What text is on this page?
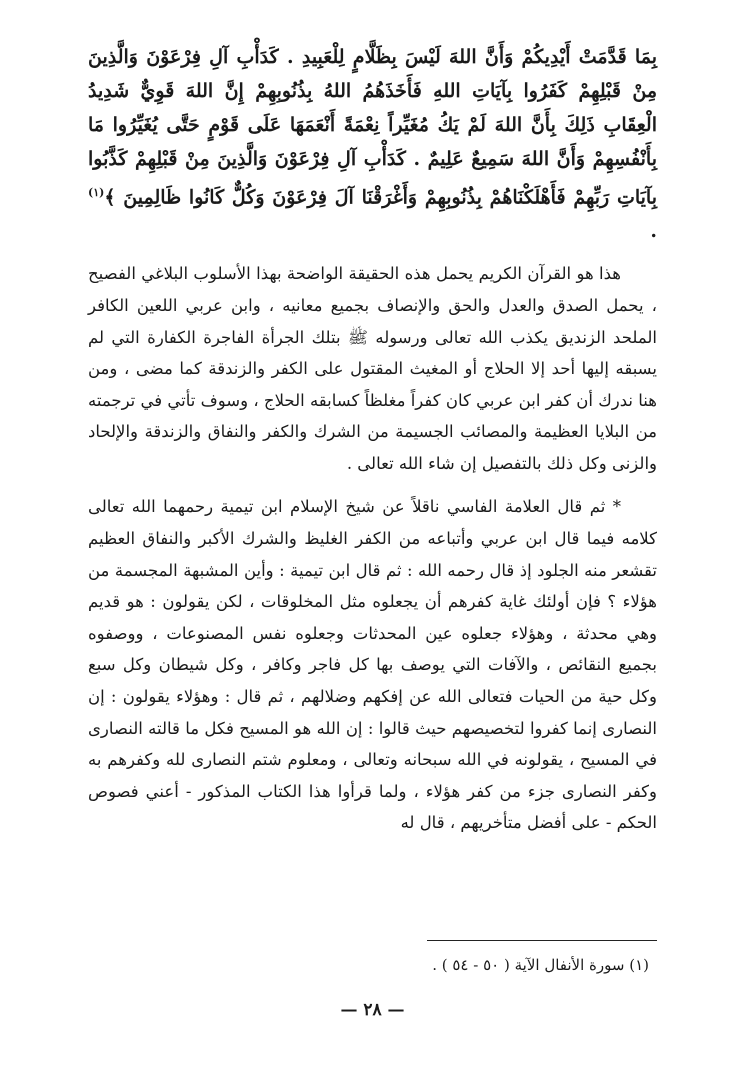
بِمَا قَدَّمَتْ أَيْدِيكُمْ وَأَنَّ اللهَ لَيْسَ بِظَلَّامٍ لِلْعَبِيدِ . كَدَأْبِ آلِ فِرْعَوْنَ وَالَّذِينَ مِنْ قَبْلِهِمْ كَفَرُوا بِآيَاتِ اللهِ فَأَخَذَهُمُ اللهُ بِذُنُوبِهِمْ إِنَّ اللهَ قَوِيٌّ شَدِيدُ الْعِقَابِ ذَلِكَ بِأَنَّ اللهَ لَمْ يَكُ مُغَيِّراً نِعْمَةً أَنْعَمَهَا عَلَى قَوْمٍ حَتَّى يُغَيِّرُوا مَا بِأَنْفُسِهِمْ وَأَنَّ اللهَ سَمِيعٌ عَلِيمٌ . كَدَأْبِ آلِ فِرْعَوْنَ وَالَّذِينَ مِنْ قَبْلِهِمْ كَذَّبُوا بِآيَاتِ رَبِّهِمْ فَأَهْلَكْنَاهُمْ بِذُنُوبِهِمْ وَأَغْرَقْنَا آلَ فِرْعَوْنَ وَكُلٌّ كَانُوا ظَالِمِينَ ﴾$^{(١)}$ .

هذا هو القرآن الكريم يحمل هذه الحقيقة الواضحة بهذا الأسلوب البلاغي الفصيح ، يحمل الصدق والعدل والحق والإنصاف بجميع معانيه ، وابن عربي اللعين الكافر الملحد الزنديق يكذب الله تعالى ورسوله ﷺ بتلك الجرأة الفاجرة الكفارة التي لم يسبقه إليها أحد إلا الحلاج أو المغيث المقتول على الكفر والزندقة كما مضى ، ومن هنا ندرك أن كفر ابن عربي كان كفراً مغلظاً كسابقه الحلاج ، وسوف تأتي في ترجمته من البلايا العظيمة والمصائب الجسيمة من الشرك والكفر والنفاق والزندقة والإلحاد والزنى وكل ذلك بالتفصيل إن شاء الله تعالى .

* ثم قال العلامة الفاسي ناقلاً عن شيخ الإسلام ابن تيمية رحمهما الله تعالى كلامه فيما قال ابن عربي وأتباعه من الكفر الغليظ والشرك الأكبر والنفاق العظيم تقشعر منه الجلود إذ قال رحمه الله : ثم قال ابن تيمية : وأين المشبهة المجسمة من هؤلاء ؟ فإن أولئك غاية كفرهم أن يجعلوه مثل المخلوقات ، لكن يقولون : هو قديم وهي محدثة ، وهؤلاء جعلوه عين المحدثات وجعلوه نفس المصنوعات ، ووصفوه بجميع النقائص ، والآفات التي يوصف بها كل فاجر وكافر ، وكل شيطان وكل سبع وكل حية من الحيات فتعالى الله عن إفكهم وضلالهم ، ثم قال : وهؤلاء يقولون : إن النصارى إنما كفروا لتخصيصهم حيث قالوا : إن الله هو المسيح فكل ما قالته النصارى في المسيح ، يقولونه في الله سبحانه وتعالى ، ومعلوم شتم النصارى لله وكفرهم به وكفر النصارى جزء من كفر هؤلاء ، ولما قرأوا هذا الكتاب المذكور - أعني فصوص الحكم - على أفضل متأخريهم ، قال له

(١) سورة الأنفال الآية ( ٥٠ - ٥٤ ) .
— ٢٨ —
